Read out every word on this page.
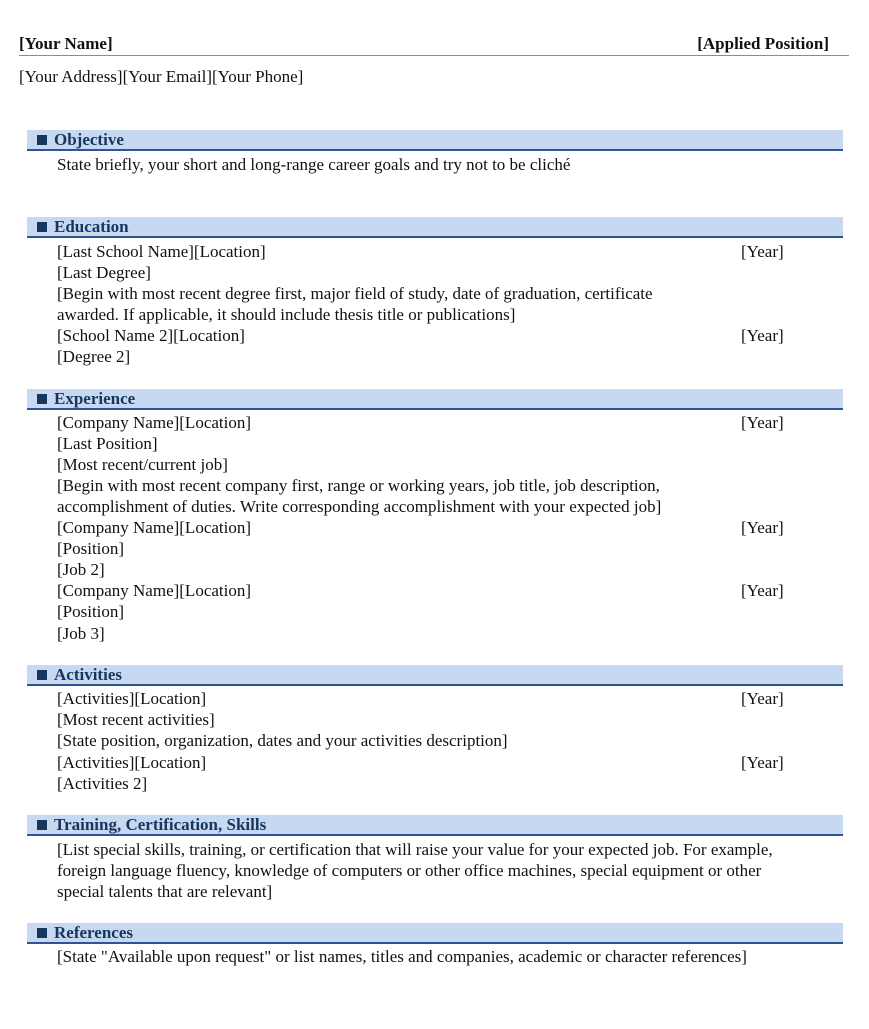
[Your Name]	[Applied Position]
[Your Address][Your Email][Your Phone]
Objective
State briefly, your short and long-range career goals and try not to be cliché
Education
[Last School Name][Location]	[Year]
[Last Degree]
[Begin with most recent degree first, major field of study, date of graduation, certificate
awarded. If applicable, it should include thesis title or publications]
[School Name 2][Location]	[Year]
[Degree 2]
Experience
[Company Name][Location]	[Year]
[Last Position]
[Most recent/current job]
[Begin with most recent company first, range or working years, job title, job description,
accomplishment of duties. Write corresponding accomplishment with your expected job]
[Company Name][Location]	[Year]
[Position]
[Job 2]
[Company Name][Location]	[Year]
[Position]
[Job 3]
Activities
[Activities][Location]	[Year]
[Most recent activities]
[State position, organization, dates and your activities description]
[Activities][Location]	[Year]
[Activities 2]
Training, Certification, Skills
[List special skills, training, or certification that will raise your value for your expected job. For example,
foreign language fluency, knowledge of computers or other office machines, special equipment or other
special talents that are relevant]
References
[State "Available upon request" or list names, titles and companies, academic or character references]
